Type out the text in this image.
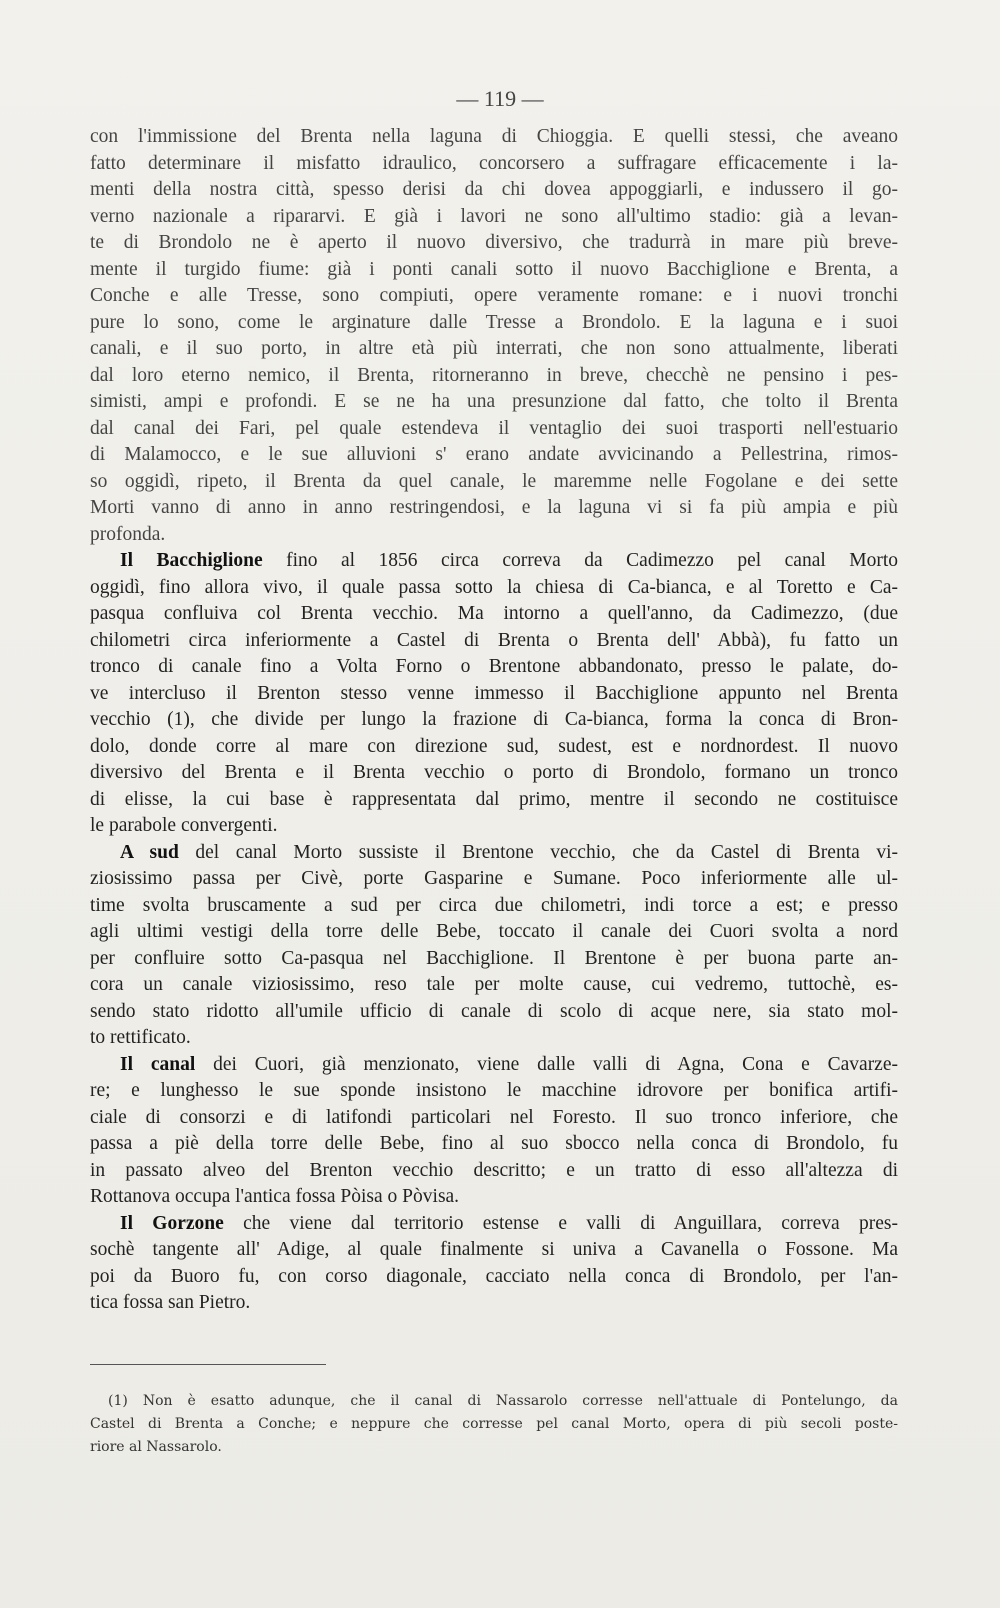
— 119 —
con l'immissione del Brenta nella laguna di Chioggia. E quelli stessi, che aveano
fatto determinare il misfatto idraulico, concorsero a suffragare efficacemente i la-
menti della nostra città, spesso derisi da chi dovea appoggiarli, e indussero il go-
verno nazionale a ripararvi. E già i lavori ne sono all'ultimo stadio: già a levan-
te di Brondolo ne è aperto il nuovo diversivo, che tradurrà in mare più breve-
mente il turgido fiume: già i ponti canali sotto il nuovo Bacchiglione e Brenta, a
Conche e alle Tresse, sono compiuti, opere veramente romane: e i nuovi tronchi
pure lo sono, come le arginature dalle Tresse a Brondolo. E la laguna e i suoi
canali, e il suo porto, in altre età più interrati, che non sono attualmente, liberati
dal loro eterno nemico, il Brenta, ritorneranno in breve, checchè ne pensino i pes-
simisti, ampi e profondi. E se ne ha una presunzione dal fatto, che tolto il Brenta
dal canal dei Fari, pel quale estendeva il ventaglio dei suoi trasporti nell'estuario
di Malamocco, e le sue alluvioni s' erano andate avvicinando a Pellestrina, rimos-
so oggidì, ripeto, il Brenta da quel canale, le maremme nelle Fogolane e dei sette
Morti vanno di anno in anno restringendosi, e la laguna vi si fa più ampia e più
profonda.
Il Bacchiglione fino al 1856 circa correva da Cadimezzo pel canal Morto
oggidì, fino allora vivo, il quale passa sotto la chiesa di Ca-bianca, e al Toretto e Ca-
pasqua confluiva col Brenta vecchio. Ma intorno a quell'anno, da Cadimezzo, (due
chilometri circa inferiormente a Castel di Brenta o Brenta dell' Abbà), fu fatto un
tronco di canale fino a Volta Forno o Brentone abbandonato, presso le palate, do-
ve intercluso il Brenton stesso venne immesso il Bacchiglione appunto nel Brenta
vecchio (1), che divide per lungo la frazione di Ca-bianca, forma la conca di Bron-
dolo, donde corre al mare con direzione sud, sudest, est e nordnordest. Il nuovo
diversivo del Brenta e il Brenta vecchio o porto di Brondolo, formano un tronco
di elisse, la cui base è rappresentata dal primo, mentre il secondo ne costituisce
le parabole convergenti.
A sud del canal Morto sussiste il Brentone vecchio, che da Castel di Brenta vi-
ziosissimo passa per Civè, porte Gasparine e Sumane. Poco inferiormente alle ul-
time svolta bruscamente a sud per circa due chilometri, indi torce a est; e presso
agli ultimi vestigi della torre delle Bebe, toccato il canale dei Cuori svolta a nord
per confluire sotto Ca-pasqua nel Bacchiglione. Il Brentone è per buona parte an-
cora un canale viziosissimo, reso tale per molte cause, cui vedremo, tuttochè, es-
sendo stato ridotto all'umile ufficio di canale di scolo di acque nere, sia stato mol-
to rettificato.
Il canal dei Cuori, già menzionato, viene dalle valli di Agna, Cona e Cavarze-
re; e lunghesso le sue sponde insistono le macchine idrovore per bonifica artifi-
ciale di consorzi e di latifondi particolari nel Foresto. Il suo tronco inferiore, che
passa a piè della torre delle Bebe, fino al suo sbocco nella conca di Brondolo, fu
in passato alveo del Brenton vecchio descritto; e un tratto di esso all'altezza di
Rottanova occupa l'antica fossa Pòisa o Pòvisa.
Il Gorzone che viene dal territorio estense e valli di Anguillara, correva pres-
sochè tangente all' Adige, al quale finalmente si univa a Cavanella o Fossone. Ma
poi da Buoro fu, con corso diagonale, cacciato nella conca di Brondolo, per l'an-
tica fossa san Pietro.
(1) Non è esatto adunque, che il canal di Nassarolo corresse nell'attuale di Pontelungo, da
Castel di Brenta a Conche; e neppure che corresse pel canal Morto, opera di più secoli poste-
riore al Nassarolo.
